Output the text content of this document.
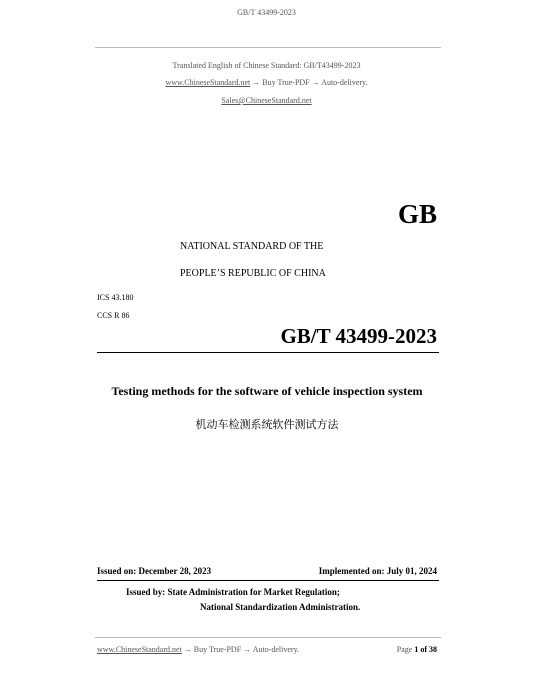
GB/T 43499-2023
Translated English of Chinese Standard: GB/T43499-2023
www.ChineseStandard.net → Buy True-PDF → Auto-delivery.
Sales@ChineseStandard.net
GB
NATIONAL STANDARD OF THE
PEOPLE’S REPUBLIC OF CHINA
ICS 43.180
CCS R 86
GB/T 43499-2023
Testing methods for the software of vehicle inspection system
机动车检测系统软件测试方法
Issued on: December 28, 2023	Implemented on: July 01, 2024
Issued by: State Administration for Market Regulation;
National Standardization Administration.
www.ChineseStandard.net → Buy True-PDF → Auto-delivery.	Page 1 of 38
